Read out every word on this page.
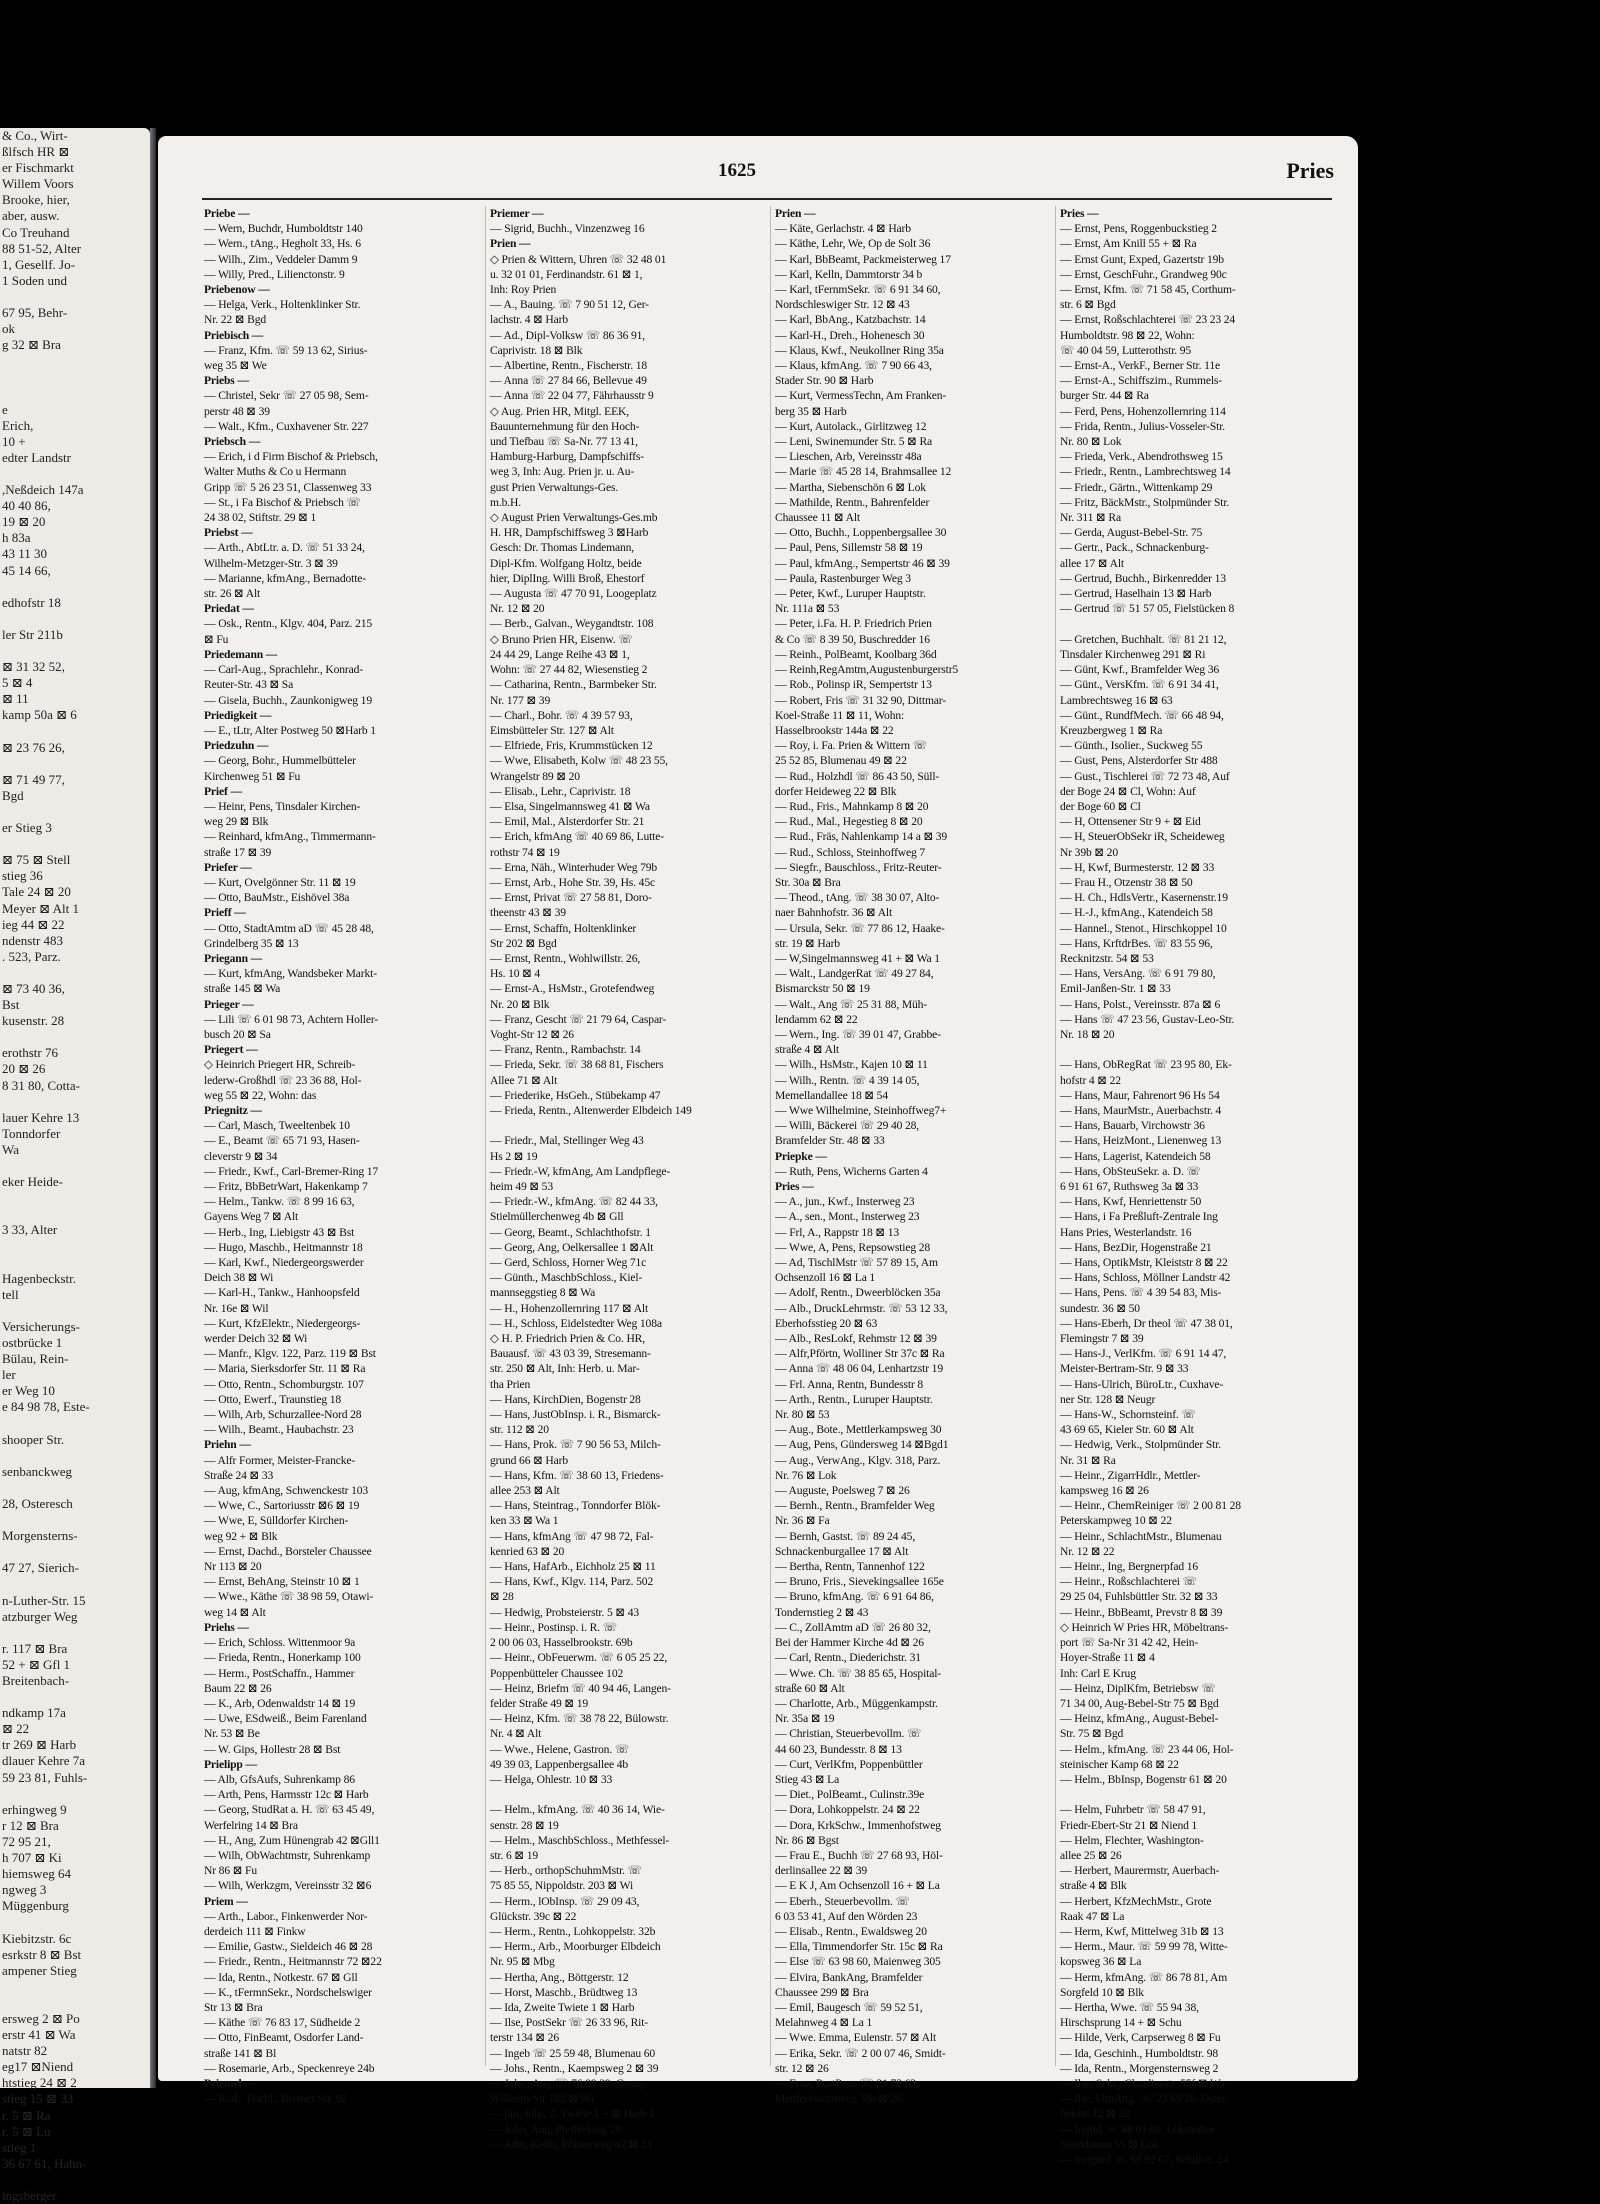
& Co., Wirt-
ßlfsch HR ⊠
er Fischmarkt
Willem Voors
Brooke, hier,
aber, ausw.
Co Treuhand
88 51-52, Alter
1, Gesellf. Jo-
1 Soden und

67 95, Behr-
ok
g 32 ⊠ Bra

e
Erich,
10 +
edter Landstr

,Neßdeich 147a
40 40 86,
19 ⊠ 20
h 83a
43 11 30
45 14 66,

edhofstr 18

ler Str 211b

⊠ 31 32 52,
5 ⊠ 4
⊠ 11
kamp 50a ⊠ 6

⊠ 23 76 26,

⊠ 71 49 77,
Bgd

er Stieg 3

⊠ 75 ⊠ Stell
stieg 36
Tale 24 ⊠ 20
Meyer ⊠ Alt 1
ieg 44 ⊠ 22
ndenstr 483
. 523, Parz.

⊠ 73 40 36,
Bst
kusenstr. 28

erothstr 76
20 ⊠ 26
8 31 80, Cotta-

lauer Kehre 13
Tonndorfer
Wa

eker Heide-

3 33, Alter

Hagenbeckstr.
tell

Versicherungs-
ostbrücke 1
Bülau, Rein-
ler
er Weg 10
e 84 98 78, Este-

shooper Str.

senbanckweg

28, Osteresch

Morgensterns-

47 27, Sierich-

n-Luther-Str. 15
atzburger Weg

r. 117 ⊠ Bra
52 + ⊠ Gfl 1
Breitenbach-

ndkamp 17a
⊠ 22
tr 269 ⊠ Harb
dlauer Kehre 7a
59 23 81, Fuhls-

erhingweg 9
r 12 ⊠ Bra
72 95 21,
h 707 ⊠ Ki
hiemsweg 64
ngweg 3
Müggenburg

Kiebitzstr. 6c
esrkstr 8 ⊠ Bst
ampener Stieg

ersweg 2 ⊠ Po
erstr 41 ⊠ Wa
natstr 82
eg17 ⊠Niend
htstieg 24 ⊠ 2
stieg 15 ⊠ 33
r. 5 ⊠ Ra
r. 5 ⊠ Lu
stieg 1
36 67 61, Hahn-

ingsberger
1625	Pries
Priebe —
— Wern, Buchdr, Humboldtstr 140
— Wern., tAng., Hegholt 33, Hs. 6
— Wilh., Zim., Veddeler Damm 9
— Willy, Pred., Lilienctonstr. 9
Priebenow —
— Helga, Verk., Holtenklinker Str.
Nr. 22 ⊠ Bgd
Priebisch —
— Franz, Kfm. ☏ 59 13 62, Sirius-
weg 35 ⊠ We
Priebs —
— Christel, Sekr ☏ 27 05 98, Sem-
perstr 48 ⊠ 39
— Walt., Kfm., Cuxhavener Str. 227
Priebsch —
— Erich, i d Firm Bischof & Priebsch,
Walter Muths & Co u Hermann
Gripp ☏ 5 26 23 51, Classenweg 33
— St., i Fa Bischof & Priebsch ☏
24 38 02, Stiftstr. 29 ⊠ 1
Priebst —
— Arth., AbtLtr. a. D. ☏ 51 33 24,
Wilhelm-Metzger-Str. 3 ⊠ 39
— Marianne, kfmAng., Bernadotte-
str. 26 ⊠ Alt
Priedat —
— Osk., Rentn., Klgv. 404, Parz. 215
⊠ Fu
Priedemann —
— Carl-Aug., Sprachlehr., Konrad-
Reuter-Str. 43 ⊠ Sa
— Gisela, Buchh., Zaunkonigweg 19
Priedigkeit —
— E., tLtr, Alter Postweg 50 ⊠Harb 1
Priedzuhn —
— Georg, Bohr., Hummelbütteler
Kirchenweg 51 ⊠ Fu
Prief —
— Heinr, Pens, Tinsdaler Kirchen-
weg 29 ⊠ Blk
— Reinhard, kfmAng., Timmermann-
straße 17 ⊠ 39
Priefer —
— Kurt, Ovelgönner Str. 11 ⊠ 19
— Otto, BauMstr., Eishövel 38a
Prieff —
— Otto, StadtAmtm aD ☏ 45 28 48,
Grindelberg 35 ⊠ 13
Priegann —
— Kurt, kfmAng, Wandsbeker Markt-
straße 145 ⊠ Wa
Prieger —
— Lili ☏ 6 01 98 73, Achtern Holler-
busch 20 ⊠ Sa
Priegert —
◇ Heinrich Priegert HR, Schreib-
lederw-Großhdl ☏ 23 36 88, Hol-
weg 55 ⊠ 22, Wohn: das
Priegnitz —
— Carl, Masch, Tweeltenbek 10
— E., Beamt ☏ 65 71 93, Hasen-
cleverstr 9 ⊠ 34
— Friedr., Kwf., Carl-Bremer-Ring 17
— Fritz, BbBetrWart, Hakenkamp 7
— Helm., Tankw. ☏ 8 99 16 63,
Gayens Weg 7 ⊠ Alt
— Herb., Ing, Liebigstr 43 ⊠ Bst
— Hugo, Maschb., Heitmannstr 18
— Karl, Kwf., Niedergeorgswerder
Deich 38 ⊠ Wi
— Karl-H., Tankw., Hanhoopsfeld
Nr. 16e ⊠ Wil
— Kurt, KfzElektr., Niedergeorgs-
werder Deich 32 ⊠ Wi
— Manfr., Klgv. 122, Parz. 119 ⊠ Bst
— Maria, Sierksdorfer Str. 11 ⊠ Ra
— Otto, Rentn., Schomburgstr. 107
— Otto, Ewerf., Traunstieg 18
— Wilh, Arb, Schurzallee-Nord 28
— Wilh., Beamt., Haubachstr. 23
Priehn —
— Alfr Former, Meister-Francke-
Straße 24 ⊠ 33
— Aug, kfmAng, Schwenckestr 103
— Wwe, C., Sartoriusstr ⊠6 ⊠ 19
— Wwe, E, Sülldorfer Kirchen-
weg 92 + ⊠ Blk
— Ernst, Dachd., Borsteler Chaussee
Nr 113 ⊠ 20
— Ernst, BehAng, Steinstr 10 ⊠ 1
— Wwe., Käthe ☏ 38 98 59, Otawi-
weg 14 ⊠ Alt
Priehs —
— Erich, Schloss. Wittenmoor 9a
— Frieda, Rentn., Honerkamp 100
— Herm., PostSchaffn., Hammer
Baum 22 ⊠ 26
— K., Arb, Odenwaldstr 14 ⊠ 19
— Uwe, ESdweiß., Beim Farenland
Nr. 53 ⊠ Be
— W. Gips, Hollestr 28 ⊠ Bst
Prielipp —
— Alb, GfsAufs, Suhrenkamp 86
— Arth, Pens, Harmsstr 12c ⊠ Harb
— Georg, StudRat a. H. ☏ 63 45 49,
Werfelring 14 ⊠ Bra
— H., Ang, Zum Hünengrab 42 ⊠Gll1
— Wilh, ObWachtmstr, Suhrenkamp
Nr 86 ⊠ Fu
— Wilh, Werkzgm, Vereinsstr 32 ⊠6
Priem —
— Arth., Labor., Finkenwerder Nor-
derdeich 111 ⊠ Finkw
— Emilie, Gastw., Sieldeich 46 ⊠ 28
— Friedr., Rentn., Heitmannstr 72 ⊠22
— Ida, Rentn., Notkestr. 67 ⊠ Gll
— K., tFermnSekr., Nordschelswiger
Str 13 ⊠ Bra
— Käthe ☏ 76 83 17, Südheide 2
— Otto, FinBeamt, Osdorfer Land-
straße 141 ⊠ Bl
— Rosemarie, Arb., Speckenreye 24b
Priemel —
— Rud., Tischl., Bremer Str. 92
Priemer —
— Sigrid, Buchh., Vinzenzweg 16
Prien —
◇ Prien & Wittern, Uhren ☏ 32 48 01
u. 32 01 01, Ferdinandstr. 61 ⊠ 1,
Inh: Roy Prien
— A., Bauing. ☏ 7 90 51 12, Ger-
lachstr. 4 ⊠ Harb
— Ad., Dipl-Volksw ☏ 86 36 91,
Caprivistr. 18 ⊠ Blk
— Albertine, Rentn., Fischerstr. 18
— Anna ☏ 27 84 66, Bellevue 49
— Anna ☏ 22 04 77, Fährhausstr 9
◇ Aug. Prien HR, Mitgl. EEK,
Bauunternehmung für den Hoch-
und Tiefbau ☏ Sa-Nr. 77 13 41,
Hamburg-Harburg, Dampfschiffs-
weg 3, Inh: Aug. Prien jr. u. Au-
gust Prien Verwaltungs-Ges.
m.b.H.
◇ August Prien Verwaltungs-Ges.mb
H. HR, Dampfschiffsweg 3 ⊠Harb
Gesch: Dr. Thomas Lindemann,
Dipl-Kfm. Wolfgang Holtz, beide
hier, DiplIng. Willi Broß, Ehestorf
— Augusta ☏ 47 70 91, Loogeplatz
Nr. 12 ⊠ 20
— Berb., Galvan., Weygandtstr. 108
◇ Bruno Prien HR, Eisenw. ☏
24 44 29, Lange Reihe 43 ⊠ 1,
Wohn: ☏ 27 44 82, Wiesenstieg 2
— Catharina, Rentn., Barmbeker Str.
Nr. 177 ⊠ 39
— Charl., Bohr. ☏ 4 39 57 93,
Eimsbütteler Str. 127 ⊠ Alt
— Elfriede, Fris, Krummstücken 12
— Wwe, Elisabeth, Kolw ☏ 48 23 55,
Wrangelstr 89 ⊠ 20
— Elisab., Lehr., Caprivistr. 18
— Elsa, Singelmannsweg 41 ⊠ Wa
— Emil, Mal., Alsterdorfer Str. 21
— Erich, kfmAng ☏ 40 69 86, Lutte-
rothstr 74 ⊠ 19
— Erna, Näh., Winterhuder Weg 79b
— Ernst, Arb., Hohe Str. 39, Hs. 45c
— Ernst, Privat ☏ 27 58 81, Doro-
theenstr 43 ⊠ 39
— Ernst, Schaffn, Holtenklinker
Str 202 ⊠ Bgd
— Ernst, Rentn., Wohlwillstr. 26,
Hs. 10 ⊠ 4
— Ernst-A., HsMstr., Grotefendweg
Nr. 20 ⊠ Blk
— Franz, Gescht ☏ 21 79 64, Caspar-
Voght-Str 12 ⊠ 26
— Franz, Rentn., Rambachstr. 14
— Frieda, Sekr. ☏ 38 68 81, Fischers
Allee 71 ⊠ Alt
— Friederike, HsGeh., Stübekamp 47
— Frieda, Rentn., Altenwerder Elbdeich 149

— Friedr., Mal, Stellinger Weg 43
Hs 2 ⊠ 19
— Friedr.-W, kfmAng, Am Landpflege-
heim 49 ⊠ 53
— Friedr.-W., kfmAng. ☏ 82 44 33,
Stielmüllerchenweg 4b ⊠ Gll
— Georg, Beamt., Schlachthofstr. 1
— Georg, Ang, Oelkersallee 1 ⊠Alt
— Gerd, Schloss, Horner Weg 71c
— Günth., MaschbSchloss., Kiel-
mannseggstieg 8 ⊠ Wa
— H., Hohenzollernring 117 ⊠ Alt
— H., Schloss, Eidelstedter Weg 108a
◇ H. P. Friedrich Prien & Co. HR,
Bauausf. ☏ 43 03 39, Stresemann-
str. 250 ⊠ Alt, Inh: Herb. u. Mar-
tha Prien
— Hans, KirchDien, Bogenstr 28
— Hans, JustObInsp. i. R., Bismarck-
str. 112 ⊠ 20
— Hans, Prok. ☏ 7 90 56 53, Milch-
grund 66 ⊠ Harb
— Hans, Kfm. ☏ 38 60 13, Friedens-
allee 253 ⊠ Alt
— Hans, Steintrag., Tonndorfer Blök-
ken 33 ⊠ Wa 1
— Hans, kfmAng ☏ 47 98 72, Fal-
kenried 63 ⊠ 20
— Hans, HafArb., Eichholz 25 ⊠ 11
— Hans, Kwf., Klgv. 114, Parz. 502
⊠ 28
— Hedwig, Probsteierstr. 5 ⊠ 43
— Heinr., Postinsp. i. R. ☏
2 00 06 03, Hasselbrookstr. 69b
— Heinr., ObFeuerwm. ☏ 6 05 25 22,
Poppenbütteler Chaussee 102
— Heinz, Briefm ☏ 40 94 46, Langen-
felder Straße 49 ⊠ 19
— Heinz, Kfm. ☏ 38 78 22, Bülowstr.
Nr. 4 ⊠ Alt
— Wwe., Helene, Gastron. ☏
49 39 03, Lappenbergsallee 4b
— Helga, Ohlestr. 10 ⊠ 33

— Helm., kfmAng. ☏ 40 36 14, Wie-
senstr. 28 ⊠ 19
— Helm., MaschbSchloss., Methfessel-
str. 6 ⊠ 19
— Herb., orthopSchuhmMstr. ☏
75 85 55, Nippoldstr. 203 ⊠ Wi
— Herm., lObInsp. ☏ 29 09 43,
Glückstr. 39c ⊠ 22
— Herm., Rentn., Lohkoppelstr. 32b
— Herm., Arb., Moorburger Elbdeich
Nr. 95 ⊠ Mbg
— Hertha, Ang., Böttgerstr. 12
— Horst, Maschb., Brüdtweg 13
— Ida, Zweite Twiete 1 ⊠ Harb
— Ilse, PostSekr ☏ 26 33 96, Rit-
terstr 134 ⊠ 26
— Ingeb ☏ 25 59 48, Blumenau 60
— Johs., Rentn., Kaempsweg 2 ⊠ 39
— Johs., Ang ☏ 76 89 29, Georg-
Wilhelm-Str 182 ⊠ Wi
— jun, Johs, 2. Twiete 1 + ⊠ Harb 1
— John, Ang, Pfefferkrug 28
— John, Kelln, Pfauenweg 42 ⊠ 33
Prien —
— Käte, Gerlachstr. 4 ⊠ Harb
— Käthe, Lehr, We, Op de Solt 36
— Karl, BbBeamt, Packmeisterweg 17
— Karl, Kelln, Dammtorstr 34 b
— Karl, tFernmSekr. ☏ 6 91 34 60,
Nordschleswiger Str. 12 ⊠ 43
— Karl, BbAng., Katzbachstr. 14
— Karl-H., Dreh., Hohenesch 30
— Klaus, Kwf., Neukollner Ring 35a
— Klaus, kfmAng. ☏ 7 90 66 43,
Stader Str. 90 ⊠ Harb
— Kurt, VermessTechn, Am Franken-
berg 35 ⊠ Harb
— Kurt, Autolack., Girlitzweg 12
— Leni, Swinemunder Str. 5 ⊠ Ra
— Lieschen, Arb, Vereinsstr 48a
— Marie ☏ 45 28 14, Brahmsallee 12
— Martha, Siebenschön 6 ⊠ Lok
— Mathilde, Rentn., Bahrenfelder
Chaussee 11 ⊠ Alt
— Otto, Buchh., Loppenbergsallee 30
— Paul, Pens, Sillemstr 58 ⊠ 19
— Paul, kfmAng., Sempertstr 46 ⊠ 39
— Paula, Rastenburger Weg 3
— Peter, Kwf., Luruper Hauptstr.
Nr. 111a ⊠ 53
— Peter, i.Fa. H. P. Friedrich Prien
& Co ☏ 8 39 50, Buschredder 16
— Reinh., PolBeamt, Koolbarg 36d
— Reinh,RegAmtm,Augustenburgerstr5
— Rob., Polinsp iR, Sempertstr 13
— Robert, Fris ☏ 31 32 90, Dittmar-
Koel-Straße 11 ⊠ 11, Wohn:
Hasselbrookstr 144a ⊠ 22
— Roy, i. Fa. Prien & Wittern ☏
25 52 85, Blumenau 49 ⊠ 22
— Rud., Holzhdl ☏ 86 43 50, Süll-
dorfer Heideweg 22 ⊠ Blk
— Rud., Fris., Mahnkamp 8 ⊠ 20
— Rud., Mal., Hegestieg 8 ⊠ 20
— Rud., Fräs, Nahlenkamp 14 a ⊠ 39
— Rud., Schloss, Steinhoffweg 7
— Siegfr., Bauschloss., Fritz-Reuter-
Str. 30a ⊠ Bra
— Theod., tAng. ☏ 38 30 07, Alto-
naer Bahnhofstr. 36 ⊠ Alt
— Ursula, Sekr. ☏ 77 86 12, Haake-
str. 19 ⊠ Harb
— W,Singelmannsweg 41 + ⊠ Wa 1
— Walt., LandgerRat ☏ 49 27 84,
Bismarckstr 50 ⊠ 19
— Walt., Ang ☏ 25 31 88, Müh-
lendamm 62 ⊠ 22
— Wern., Ing. ☏ 39 01 47, Grabbe-
straße 4 ⊠ Alt
— Wilh., HsMstr., Kajen 10 ⊠ 11
— Wilh., Rentn. ☏ 4 39 14 05,
Memellandallee 18 ⊠ 54
— Wwe Wilhelmine, Steinhoffweg7+
— Willi, Bäckerei ☏ 29 40 28,
Bramfelder Str. 48 ⊠ 33
Priepke —
— Ruth, Pens, Wicherns Garten 4
Pries —
— A., jun., Kwf., Insterweg 23
— A., sen., Mont., Insterweg 23
— Frl, A., Rappstr 18 ⊠ 13
— Wwe, A, Pens, Repsowstieg 28
— Ad, TischlMstr ☏ 57 89 15, Am
Ochsenzoll 16 ⊠ La 1
— Adolf, Rentn., Dweerblöcken 35a
— Alb., DruckLehrmstr. ☏ 53 12 33,
Eberhofsstieg 20 ⊠ 63
— Alb., ResLokf, Rehmstr 12 ⊠ 39
— Alfr,Pförtn, Wolliner Str 37c ⊠ Ra
— Anna ☏ 48 06 04, Lenhartzstr 19
— Frl. Anna, Rentn, Bundesstr 8
— Arth., Rentn., Luruper Hauptstr.
Nr. 80 ⊠ 53
— Aug., Bote., Mettlerkampsweg 30
— Aug, Pens, Gündersweg 14 ⊠Bgd1
— Aug., VerwAng., Klgv. 318, Parz.
Nr. 76 ⊠ Lok
— Auguste, Poelsweg 7 ⊠ 26
— Bernh., Rentn., Bramfelder Weg
Nr. 36 ⊠ Fa
— Bernh, Gastst. ☏ 89 24 45,
Schnackenburgallee 17 ⊠ Alt
— Bertha, Rentn, Tannenhof 122
— Bruno, Fris., Sievekingsallee 165e
— Bruno, kfmAng. ☏ 6 91 64 86,
Tondernstieg 2 ⊠ 43
— C., ZollAmtm aD ☏ 26 80 32,
Bei der Hammer Kirche 4d ⊠ 26
— Carl, Rentn., Diederichstr. 31
— Wwe. Ch. ☏ 38 85 65, Hospital-
straße 60 ⊠ Alt
— Charlotte, Arb., Müggenkampstr.
Nr. 35a ⊠ 19
— Christian, Steuerbevollm. ☏
44 60 23, Bundesstr. 8 ⊠ 13
— Curt, VerlKfm, Poppenbüttler
Stieg 43 ⊠ La
— Diet., PolBeamt., Culinstr.39e
— Dora, Lohkoppelstr. 24 ⊠ 22
— Dora, KrkSchw., Immenhofstweg
Nr. 86 ⊠ Bgst
— Frau E., Buchh ☏ 27 68 93, Höl-
derlinsallee 22 ⊠ 39
— E K J, Am Ochsenzoll 16 + ⊠ La
— Eberh., Steuerbevollm. ☏
6 03 53 41, Auf den Wörden 23
— Elisab., Rentn., Ewaldsweg 20
— Ella, Timmendorfer Str. 15c ⊠ Ra
— Else ☏ 63 98 60, Maienweg 305
— Elvira, BankAng, Bramfelder
Chaussee 299 ⊠ Bra
— Emil, Baugesch ☏ 59 52 51,
Melahnweg 4 ⊠ La 1
— Wwe. Emma, Eulenstr. 57 ⊠ Alt
— Erika, Sekr. ☏ 2 00 07 46, Smidt-
str. 12 ⊠ 26
— Erna, PostPens ☏ 21 73 63,
Mettlerkampsweg 38a ⊠ 26
Pries —
— Ernst, Pens, Roggenbuckstieg 2
— Ernst, Am Knill 55 + ⊠ Ra
— Ernst Gunt, Exped, Gazertstr 19b
— Ernst, GeschFuhr., Grandweg 90c
— Ernst, Kfm. ☏ 71 58 45, Corthum-
str. 6 ⊠ Bgd
— Ernst, Roßschlachterei ☏ 23 23 24
Humboldtstr. 98 ⊠ 22, Wohn:
☏ 40 04 59, Lutterothstr. 95
— Ernst-A., VerkF., Berner Str. 11e
— Ernst-A., Schiffszim., Rummels-
burger Str. 44 ⊠ Ra
— Ferd, Pens, Hohenzollernring 114
— Frida, Rentn., Julius-Vosseler-Str.
Nr. 80 ⊠ Lok
— Frieda, Verk., Abendrothsweg 15
— Friedr., Rentn., Lambrechtsweg 14
— Friedr., Gärtn., Wittenkamp 29
— Fritz, BäckMstr., Stolpmünder Str.
Nr. 311 ⊠ Ra
— Gerda, August-Bebel-Str. 75
— Gertr., Pack., Schnackenburg-
allee 17 ⊠ Alt
— Gertrud, Buchh., Birkenredder 13
— Gertrud, Haselhain 13 ⊠ Harb
— Gertrud ☏ 51 57 05, Fielstücken 8

— Gretchen, Buchhalt. ☏ 81 21 12,
Tinsdaler Kirchenweg 291 ⊠ Ri
— Günt, Kwf., Bramfelder Weg 36
— Günt., VersKfm. ☏ 6 91 34 41,
Lambrechtsweg 16 ⊠ 63
— Günt., RundfMech. ☏ 66 48 94,
Kreuzbergweg 1 ⊠ Ra
— Günth., Isolier., Suckweg 55
— Gust, Pens, Alsterdorfer Str 488
— Gust., Tischlerei ☏ 72 73 48, Auf
der Boge 24 ⊠ Cl, Wohn: Auf
der Boge 60 ⊠ Cl
— H, Ottensener Str 9 + ⊠ Eid
— H, SteuerObSekr iR, Scheideweg
Nr 39b ⊠ 20
— H, Kwf, Burmesterstr. 12 ⊠ 33
— Frau H., Otzenstr 38 ⊠ 50
— H. Ch., HdlsVertr., Kasernenstr.19
— H.-J., kfmAng., Katendeich 58
— Hannel., Stenot., Hirschkoppel 10
— Hans, KrftdrBes. ☏ 83 55 96,
Recknitzstr. 54 ⊠ 53
— Hans, VersAng. ☏ 6 91 79 80,
Emil-Janßen-Str. 1 ⊠ 33
— Hans, Polst., Vereinsstr. 87a ⊠ 6
— Hans ☏ 47 23 56, Gustav-Leo-Str.
Nr. 18 ⊠ 20

— Hans, ObRegRat ☏ 23 95 80, Ek-
hofstr 4 ⊠ 22
— Hans, Maur, Fahrenort 96 Hs 54
— Hans, MaurMstr., Auerbachstr. 4
— Hans, Bauarb, Virchowstr 36
— Hans, HeizMont., Lienenweg 13
— Hans, Lagerist, Katendeich 58
— Hans, ObSteuSekr. a. D. ☏
6 91 61 67, Ruthsweg 3a ⊠ 33
— Hans, Kwf, Henriettenstr 50
— Hans, i Fa Preßluft-Zentrale Ing
Hans Pries, Westerlandstr. 16
— Hans, BezDir, Hogenstraße 21
— Hans, OptikMstr, Kleiststr 8 ⊠ 22
— Hans, Schloss, Möllner Landstr 42
— Hans, Pens. ☏ 4 39 54 83, Mis-
sundestr. 36 ⊠ 50
— Hans-Eberh, Dr theol ☏ 47 38 01,
Flemingstr 7 ⊠ 39
— Hans-J., VerlKfm. ☏ 6 91 14 47,
Meister-Bertram-Str. 9 ⊠ 33
— Hans-Ulrich, BüroLtr., Cuxhave-
ner Str. 128 ⊠ Neugr
— Hans-W., Schornsteinf. ☏
43 69 65, Kieler Str. 60 ⊠ Alt
— Hedwig, Verk., Stolpmünder Str.
Nr. 31 ⊠ Ra
— Heinr., ZigarrHdlr., Mettler-
kampsweg 16 ⊠ 26
— Heinr., ChemReiniger ☏ 2 00 81 28
Peterskampweg 10 ⊠ 22
— Heinr., SchlachtMstr., Blumenau
Nr. 12 ⊠ 22
— Heinr., Ing, Bergnerpfad 16
— Heinr., Roßschlachterei ☏
29 25 04, Fuhlsbüttler Str. 32 ⊠ 33
— Heinr., BbBeamt, Prevstr 8 ⊠ 39
◇ Heinrich W Pries HR, Möbeltrans-
port ☏ Sa-Nr 31 42 42, Hein-
Hoyer-Straße 11 ⊠ 4
Inh: Carl E Krug
— Heinz, DiplKfm, Betriebsw ☏
71 34 00, Aug-Bebel-Str 75 ⊠ Bgd
— Heinz, kfmAng., August-Bebel-
Str. 75 ⊠ Bgd
— Helm., kfmAng. ☏ 23 44 06, Hol-
steinischer Kamp 68 ⊠ 22
— Helm., BbInsp, Bogenstr 61 ⊠ 20

— Helm, Fuhrbetr ☏ 58 47 91,
Friedr-Ebert-Str 21 ⊠ Niend 1
— Helm, Flechter, Washington-
allee 25 ⊠ 26
— Herbert, Maurermstr, Auerbach-
straße 4 ⊠ Blk
— Herbert, KfzMechMstr., Grote
Raak 47 ⊠ La
— Herm, Kwf, Mittelweg 31b ⊠ 13
— Herm., Maur. ☏ 59 99 78, Witte-
kopsweg 36 ⊠ La
— Herm, kfmAng. ☏ 86 78 81, Am
Sorgfeld 10 ⊠ Blk
— Hertha, Wwe. ☏ 55 94 38,
Hirschsprung 14 + ⊠ Schu
— Hilde, Verk, Carpserweg 8 ⊠ Fu
— Ida, Geschinh., Humboldtstr. 98
— Ida, Rentn., Morgensternsweg 2
— Ilse, Sekr., Claudiusstr. 55f ⊠ Wa
— Ilse, kfmAng. ☏ 23 69 26, Oster-
bekstr. 12 ⊠ 22
— Ingrid ☏ 48 01 80, Lokstedter
Steindamm 55 ⊠ Lok
— Irmgard ☏ 68 92 67, Schillstr. 24
